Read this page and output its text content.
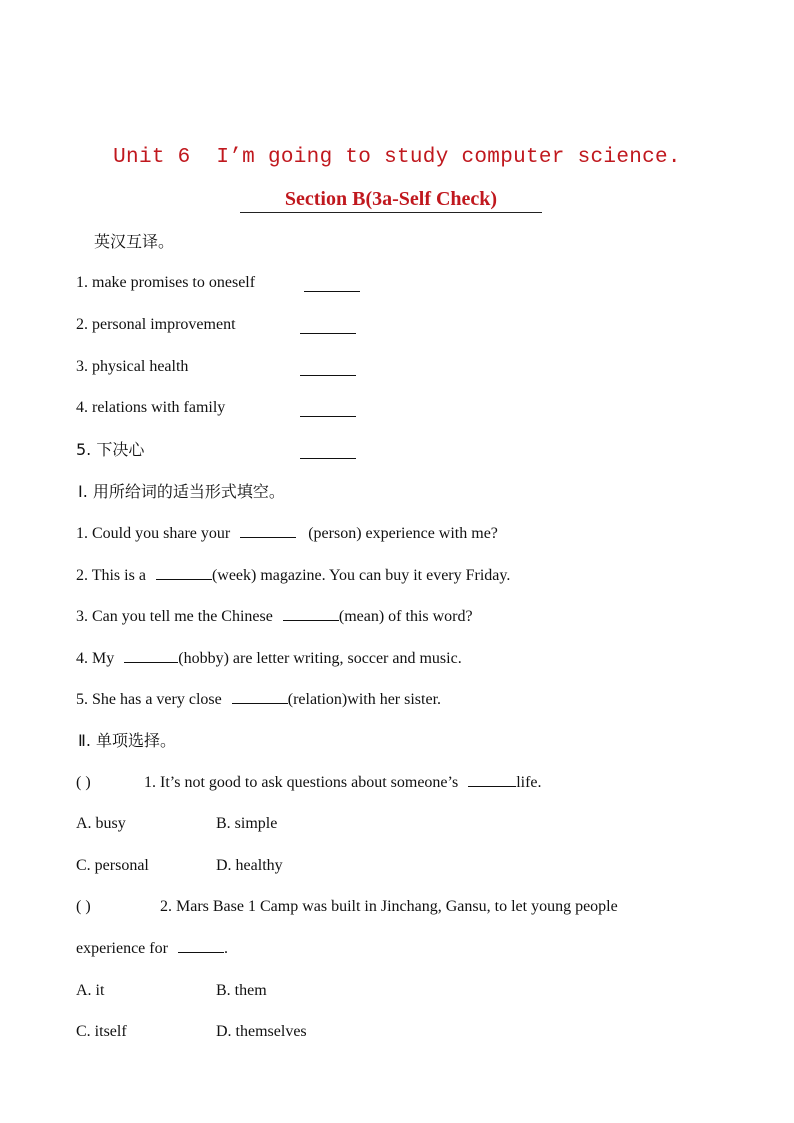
Unit 6  I’m going to study computer science.
Section B(3a-Self Check)
英汉互译。
1. make promises to oneself
2. personal improvement
3. physical health
4. relations with family
5. 下决心
Ⅰ. 用所给词的适当形式填空。
1. Could you share your	(person) experience with me?
2. This is a	(week) magazine. You can buy it every Friday.
3. Can you tell me the Chinese	(mean) of this word?
4. My	(hobby) are letter writing, soccer and music.
5. She has a very close	(relation)with her sister.
Ⅱ. 单项选择。
( )	1. It’s not good to ask questions about someone’s	life.
A. busy	B. simple
C. personal	D. healthy
( )	2. Mars Base 1 Camp was built in Jinchang, Gansu, to let young people
experience for	.
A. it	B. them
C. itself	D. themselves
